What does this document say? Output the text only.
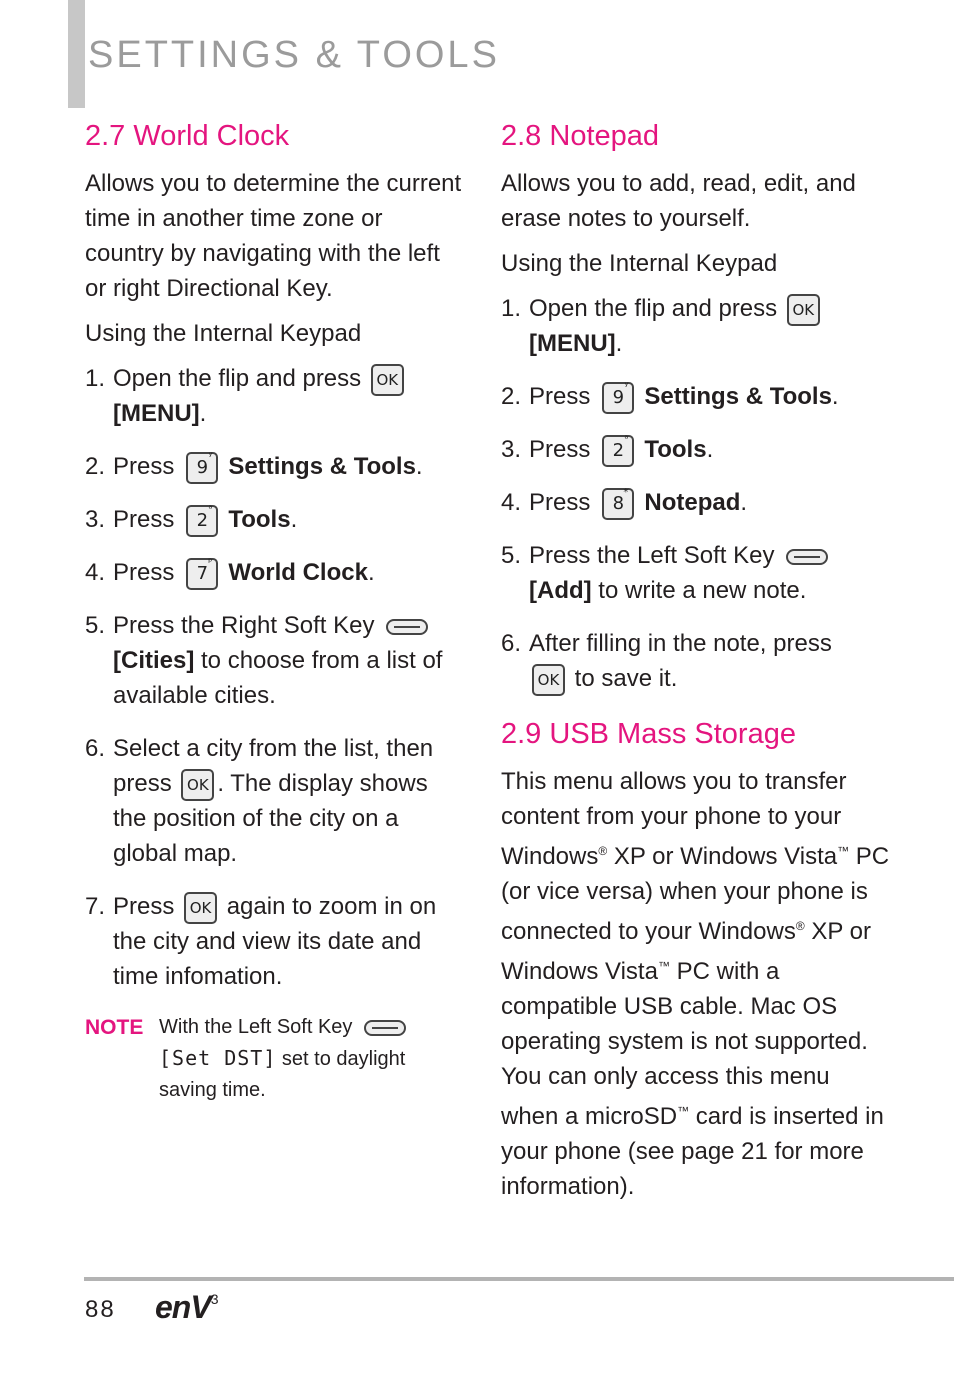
SETTINGS & TOOLS
2.7 World Clock

Allows you to determine the current time in another time zone or country by navigating with the left or right Directional Key.

Using the Internal Keypad

1. Open the flip and press OK
[MENU].
2. Press 9
ʸ Settings & Tools.
3. Press 2
ᵃ Tools.
4. Press 7
ᵖ World Clock.
5. Press the Right Soft Key
[Cities] to choose from a list of available cities.
6. Select a city from the list, then press OK . The display shows the position of the city on a global map.
7. Press OK again to zoom in on the city and view its date and time infomation.
NOTE With the Left Soft Key
[Set DST] set to daylight saving time.
2.8 Notepad

Allows you to add, read, edit, and erase notes to yourself.

Using the Internal Keypad

1. Open the flip and press OK
[MENU].
2. Press 9
ʸ Settings & Tools.
3. Press 2
ᵃ Tools.
4. Press 8
* Notepad.
5. Press the Left Soft Key
[Add] to write a new note.
6. After filling in the note, press
OK to save it.
2.9 USB Mass Storage

This menu allows you to transfer content from your phone to your Windows® XP or Windows Vista™ PC (or vice versa) when your phone is connected to your Windows® XP or Windows Vista™ PC with a compatible USB cable. Mac OS operating system is not supported. You can only access this menu when a microSD™ card is inserted in your phone (see page 21 for more information).

88 enV$^3$
